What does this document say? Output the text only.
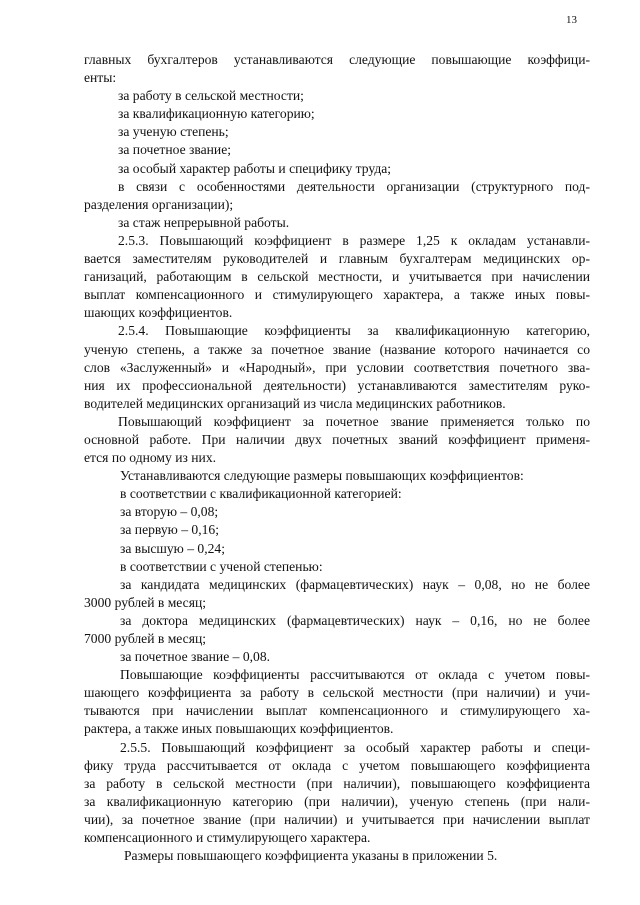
13
главных бухгалтеров устанавливаются следующие повышающие коэффици-
енты:
за работу в сельской местности;
за квалификационную категорию;
за ученую степень;
за почетное звание;
за особый характер работы и специфику труда;
в связи с особенностями деятельности организации (структурного под-
разделения организации);
за стаж непрерывной работы.
2.5.3. Повышающий коэффициент в размере 1,25 к окладам устанавли-
вается заместителям руководителей и главным бухгалтерам медицинских ор-
ганизаций, работающим в сельской местности, и учитывается при начислении
выплат компенсационного и стимулирующего характера, а также иных повы-
шающих коэффициентов.
2.5.4. Повышающие коэффициенты за квалификационную категорию,
ученую степень, а также за почетное звание (название которого начинается со
слов «Заслуженный» и «Народный», при условии соответствия почетного зва-
ния их профессиональной деятельности) устанавливаются заместителям руко-
водителей медицинских организаций из числа медицинских работников.
Повышающий коэффициент за почетное звание применяется только по
основной работе. При наличии двух почетных званий коэффициент применя-
ется по одному из них.
Устанавливаются следующие размеры повышающих коэффициентов:
в соответствии с квалификационной категорией:
за вторую – 0,08;
за первую – 0,16;
за высшую – 0,24;
в соответствии с ученой степенью:
за кандидата медицинских (фармацевтических) наук – 0,08, но не более
3000 рублей в месяц;
за доктора медицинских (фармацевтических) наук – 0,16, но не более
7000 рублей в месяц;
за почетное звание – 0,08.
Повышающие коэффициенты рассчитываются от оклада с учетом повы-
шающего коэффициента за работу в сельской местности (при наличии) и учи-
тываются при начислении выплат компенсационного и стимулирующего ха-
рактера, а также иных повышающих коэффициентов.
2.5.5. Повышающий коэффициент за особый характер работы и специ-
фику труда рассчитывается от оклада с учетом повышающего коэффициента
за работу в сельской местности (при наличии), повышающего коэффициента
за квалификационную категорию (при наличии), ученую степень (при нали-
чии), за почетное звание (при наличии) и учитывается при начислении выплат
компенсационного и стимулирующего характера.
Размеры повышающего коэффициента указаны в приложении 5.
